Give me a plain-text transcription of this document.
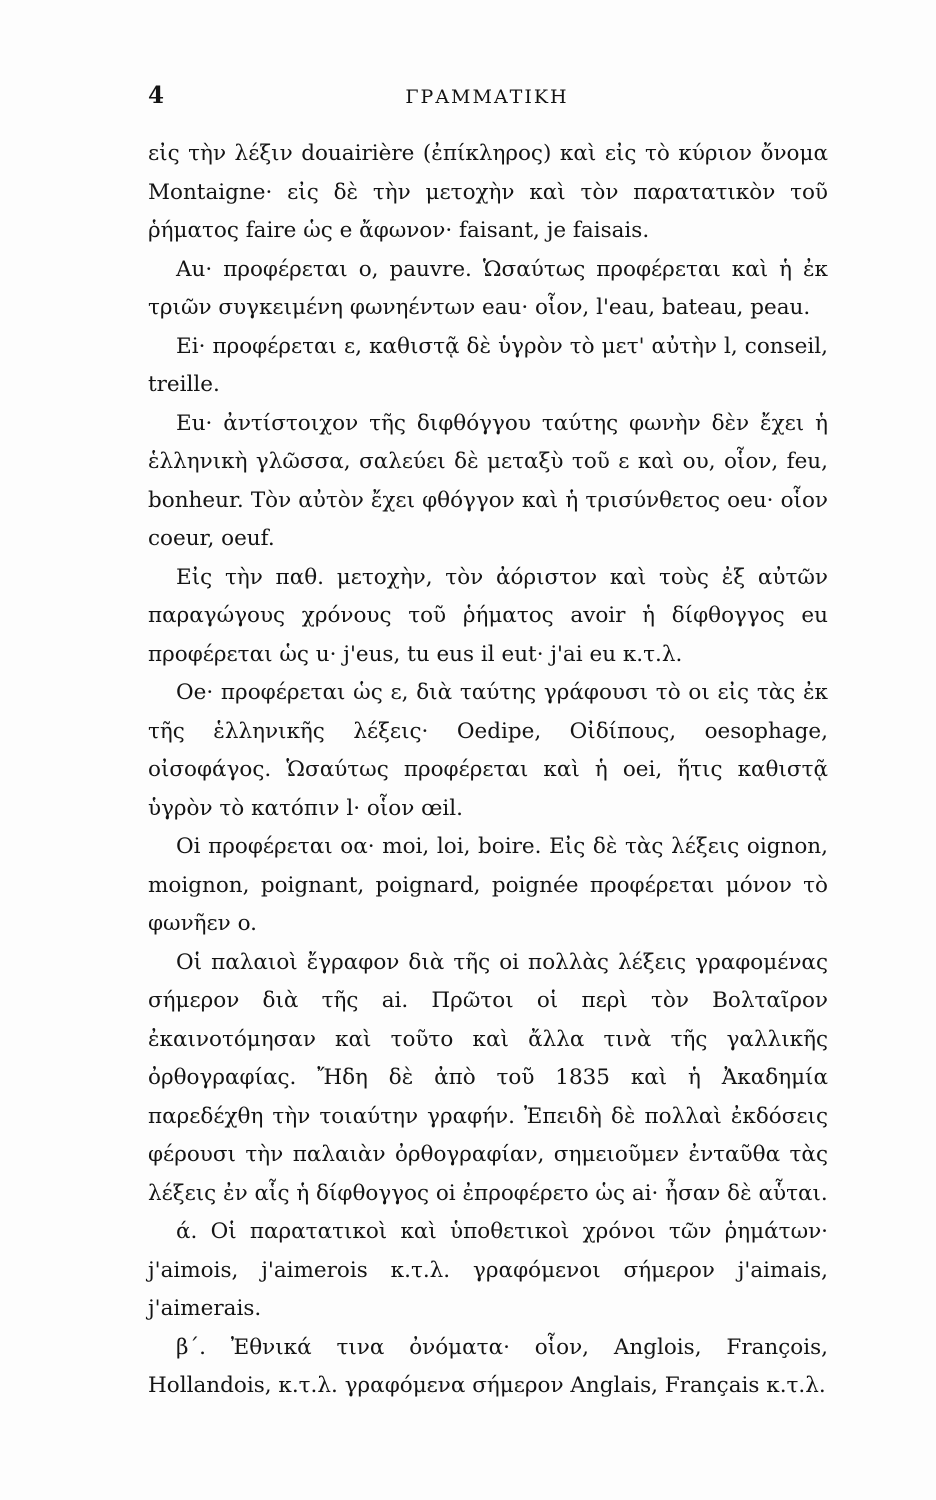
4	ΓΡΑΜΜΑΤΙΚΗ

εἰς τὴν λέξιν douairière (ἐπίκληρος) καὶ εἰς τὸ κύριον ὄνομα Montaigne· εἰς δὲ τὴν μετοχὴν καὶ τὸν παρατατικὸν τοῦ ῥήματος faire ὡς e ἄφωνον· faisant, je faisais.

Au· προφέρεται o, pauvre. Ὡσαύτως προφέρεται καὶ ἡ ἐκ τριῶν συγκειμένη φωνηέντων eau· οἷον, l'eau, bateau, peau.

Ei· προφέρεται ε, καθιστᾷ δὲ ὑγρὸν τὸ μετ' αὐτὴν l, conseil, treille.

Eu· ἀντίστοιχον τῆς διφθόγγου ταύτης φωνὴν δὲν ἔχει ἡ ἑλληνικὴ γλῶσσα, σαλεύει δὲ μεταξὺ τοῦ ε καὶ ου, οἷον, feu, bonheur. Τὸν αὐτὸν ἔχει φθόγγον καὶ ἡ τρισύνθετος oeu· οἷον coeur, oeuf.

Εἰς τὴν παθ. μετοχὴν, τὸν ἀόριστον καὶ τοὺς ἐξ αὐτῶν παραγώγους χρόνους τοῦ ῥήματος avoir ἡ δίφθογγος eu προφέρεται ὡς u· j'eus, tu eus il eut· j'ai eu κ.τ.λ.

Oe· προφέρεται ὡς ε, διὰ ταύτης γράφουσι τὸ οι εἰς τὰς ἐκ τῆς ἑλληνικῆς λέξεις· Oedipe, Οἰδίπους, oesophage, οἰσοφάγος. Ὡσαύτως προφέρεται καὶ ἡ oei, ἥτις καθιστᾷ ὑγρὸν τὸ κατόπιν l· οἷον œil.

Oi προφέρεται οα· moi, loi, boire. Εἰς δὲ τὰς λέξεις oignon, moignon, poignant, poignard, poignée προφέρεται μόνον τὸ φωνῆεν o.

Οἱ παλαιοὶ ἔγραφον διὰ τῆς oi πολλὰς λέξεις γραφομένας σήμερον διὰ τῆς ai. Πρῶτοι οἱ περὶ τὸν Βολταῖρον ἐκαινοτόμησαν καὶ τοῦτο καὶ ἄλλα τινὰ τῆς γαλλικῆς ὀρθογραφίας. Ἤδη δὲ ἀπὸ τοῦ 1835 καὶ ἡ Ἀκαδημία παρεδέχθη τὴν τοιαύτην γραφήν. Ἐπειδὴ δὲ πολλαὶ ἐκδόσεις φέρουσι τὴν παλαιὰν ὀρθογραφίαν, σημειοῦμεν ἐνταῦθα τὰς λέξεις ἐν αἷς ἡ δίφθογγος oi ἐπροφέρετο ὡς ai· ἦσαν δὲ αὗται.

ά. Οἱ παρατατικοὶ καὶ ὑποθετικοὶ χρόνοι τῶν ῥημάτων· j'aimois, j'aimerois κ.τ.λ. γραφόμενοι σήμερον j'aimais, j'aimerais.

β΄. Ἐθνικά τινα ὀνόματα· οἷον, Anglois, François, Hollandois, κ.τ.λ. γραφόμενα σήμερον Anglais, Français κ.τ.λ.
